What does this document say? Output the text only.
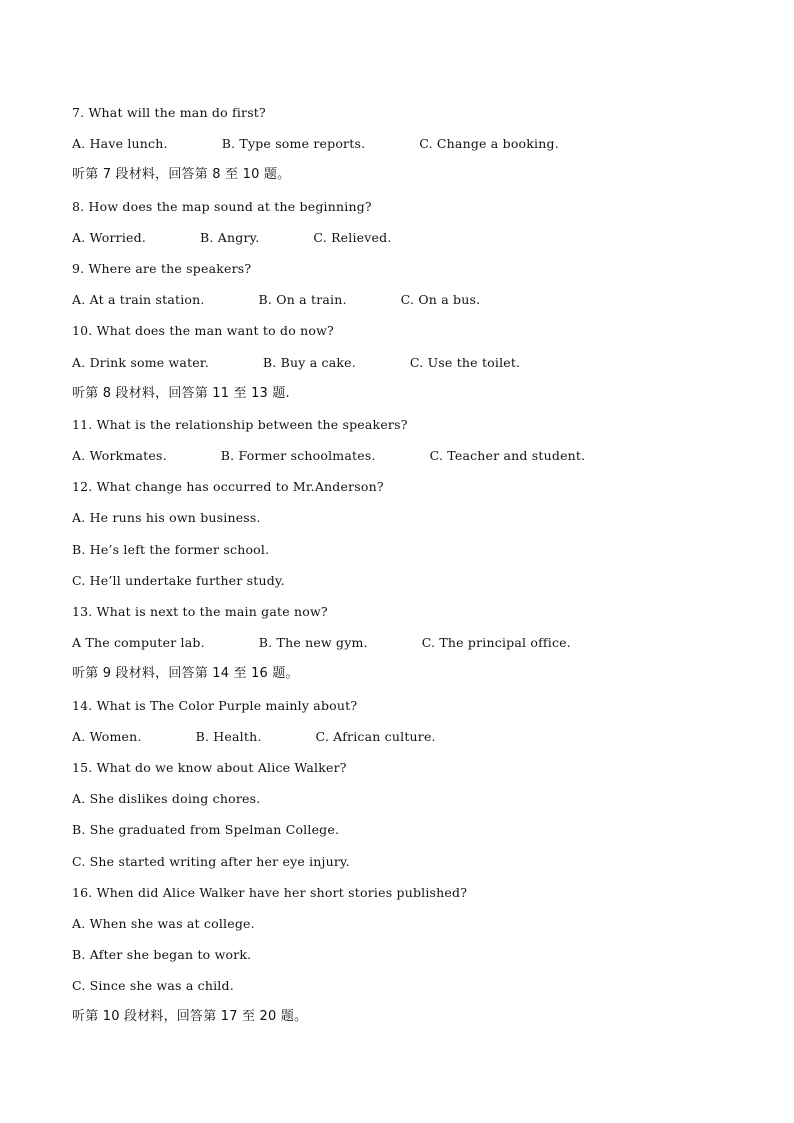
7. What will the man do first?
A. Have lunch.	B. Type some reports.	C. Change a booking.
听第 7 段材料，回答第 8 至 10 题。
8. How does the map sound at the beginning?
A. Worried.	B. Angry.	C. Relieved.
9. Where are the speakers?
A. At a train station.	B. On a train.	C. On a bus.
10. What does the man want to do now?
A. Drink some water.	B. Buy a cake.	C. Use the toilet.
听第 8 段材料，回答第 11 至 13 题.
11. What is the relationship between the speakers?
A. Workmates.	B. Former schoolmates.	C. Teacher and student.
12. What change has occurred to Mr.Anderson?
A. He runs his own business.
B. He’s left the former school.
C. He’ll undertake further study.
13. What is next to the main gate now?
A The computer lab.	B. The new gym.	C. The principal office.
听第 9 段材料，回答第 14 至 16 题。
14. What is The Color Purple mainly about?
A. Women.	B. Health.	C. African culture.
15. What do we know about Alice Walker?
A. She dislikes doing chores.
B. She graduated from Spelman College.
C. She started writing after her eye injury.
16. When did Alice Walker have her short stories published?
A. When she was at college.
B. After she began to work.
C. Since she was a child.
听第 10 段材料，回答第 17 至 20 题。
